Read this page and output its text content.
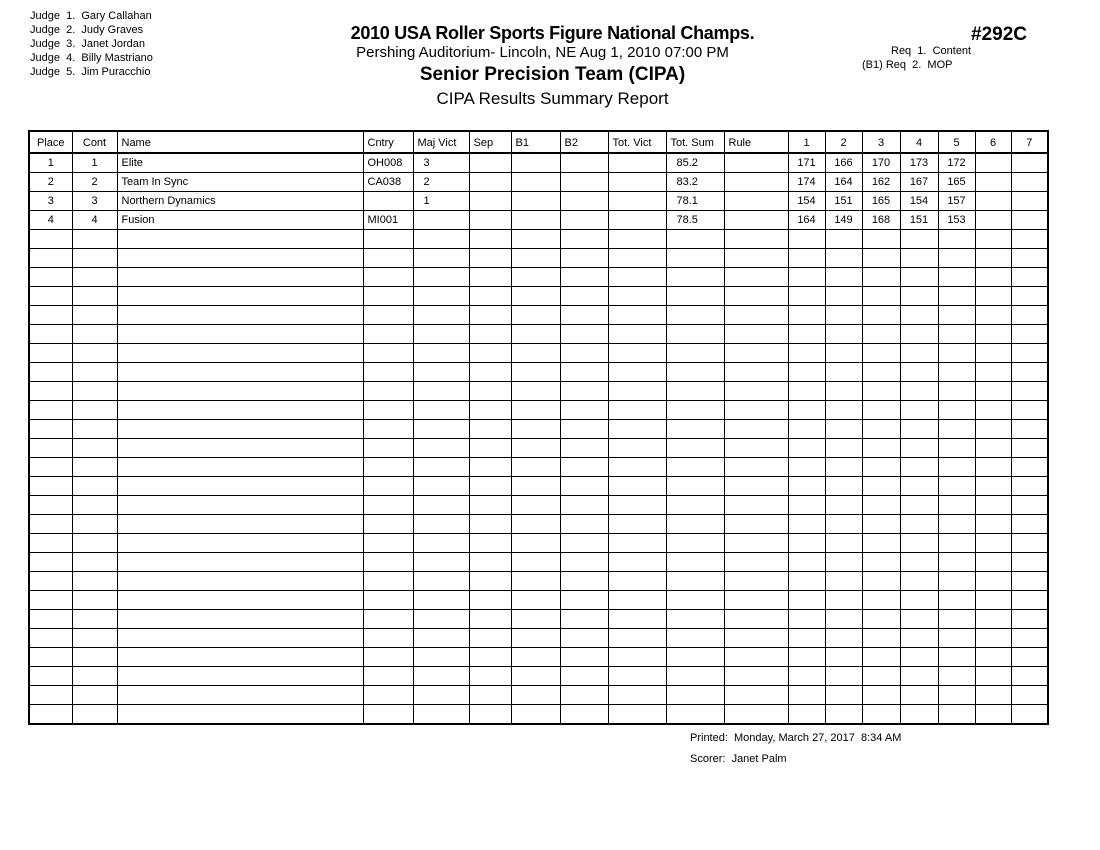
Judge  1.  Gary Callahan
Judge  2.  Judy Graves
Judge  3.  Janet Jordan
Judge  4.  Billy Mastriano
Judge  5.  Jim Puracchio
2010 USA Roller Sports Figure National Champs.
Pershing Auditorium- Lincoln, NE Aug 1, 2010 07:00 PM
Senior Precision Team (CIPA)
CIPA Results Summary Report
#292C
Req  1.  Content
(B1) Req  2.  MOP
Place	Cont	Name	Cntry	Maj Vict	Sep	B1	B2	Tot. Vict	Tot. Sum	Rule	1	2	3	4	5	6	7
1	1	Elite	OH008	3					85.2		171	166	170	173	172		
2	2	Team In Sync	CA038	2					83.2		174	164	162	167	165		
3	3	Northern Dynamics		1					78.1		154	151	165	154	157		
4	4	Fusion	MI001						78.5		164	149	168	151	153		

Printed:  Monday, March 27, 2017  8:34 AM
Scorer:  Janet Palm
